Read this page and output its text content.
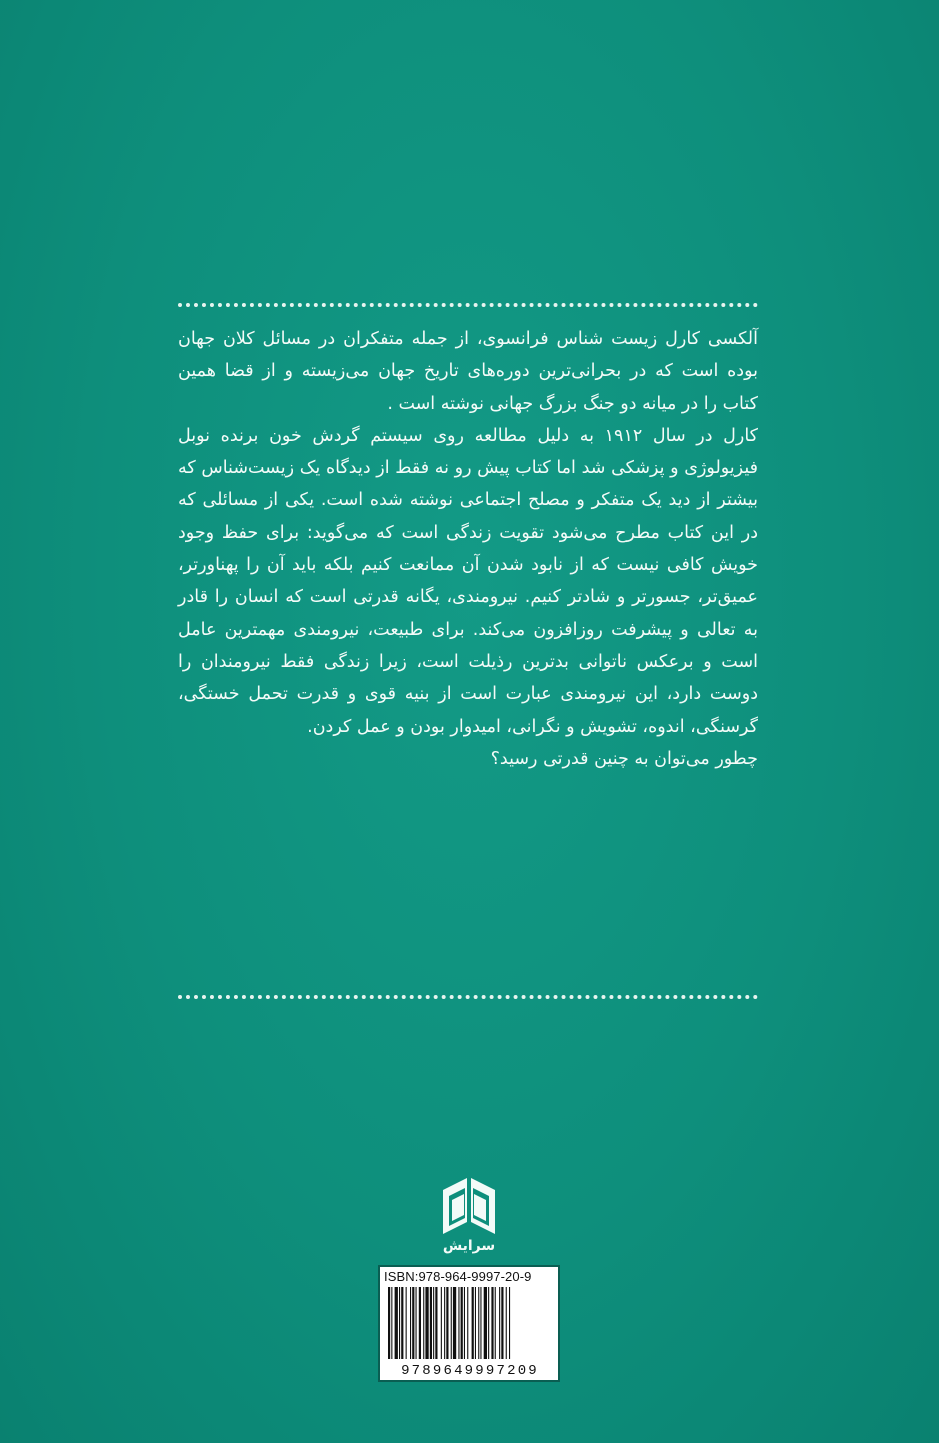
آلکسی کارل زیست شناس فرانسوی، از جمله متفکران در مسائل کلان جهان بوده است که در بحرانی‌ترین دوره‌های تاریخ جهان می‌زیسته و از قضا همین کتاب را در میانه دو جنگ بزرگ جهانی نوشته است .

کارل در سال ۱۹۱۲ به دلیل مطالعه روی سیستم گردش خون برنده نوبل فیزیولوژی و پزشکی شد اما کتاب پیش رو نه فقط از دیدگاه یک زیست‌شناس که بیشتر از دید یک متفکر و مصلح اجتماعی نوشته شده است. یکی از مسائلی که در این کتاب مطرح می‌شود تقویت زندگی است که می‌گوید: برای حفظ وجود خویش کافی نیست که از نابود شدن آن ممانعت کنیم بلکه باید آن را پهناورتر، عمیق‌تر، جسورتر و شادتر کنیم. نیرومندی، یگانه قدرتی است که انسان را قادر به تعالی و پیشرفت روزافزون می‌کند. برای طبیعت، نیرومندی مهمترین عامل است و برعکس ناتوانی بدترین رذیلت است، زیرا زندگی فقط نیرومندان را دوست دارد، این نیرومندی عبارت است از بنیه قوی و قدرت تحمل خستگی، گرسنگی، اندوه، تشویش و نگرانی، امیدوار بودن و عمل کردن.

چطور می‌توان به چنین قدرتی رسید؟

سرایش
ISBN:978-964-9997-20-9
9789649997209
